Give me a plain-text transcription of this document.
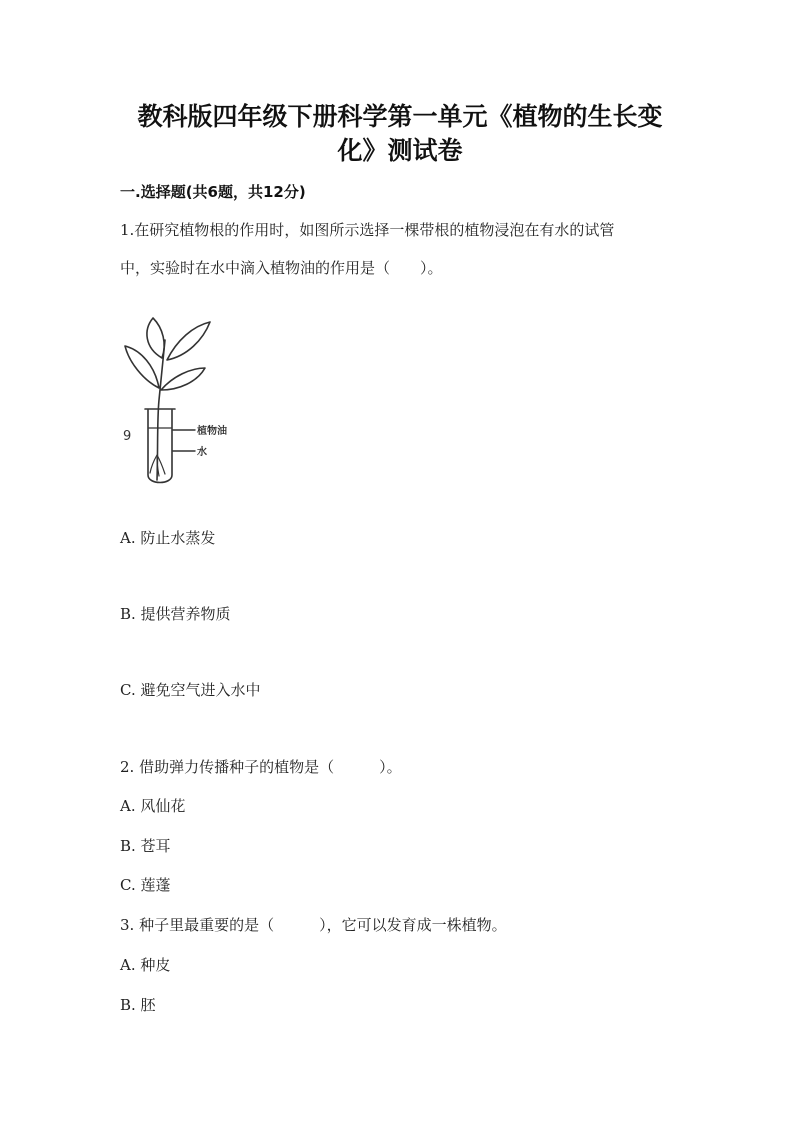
教科版四年级下册科学第一单元《植物的生长变
化》测试卷
一.选择题(共6题，共12分)
1.在研究植物根的作用时，如图所示选择一棵带根的植物浸泡在有水的试管
中，实验时在水中滴入植物油的作用是（　　）。
9	植物油
水
A. 防止水蒸发
B. 提供营养物质
C. 避免空气进入水中
2. 借助弹力传播种子的植物是（　　　）。
A. 风仙花
B. 苍耳
C. 莲蓬
3. 种子里最重要的是（　　　），它可以发育成一株植物。
A. 种皮
B. 胚
